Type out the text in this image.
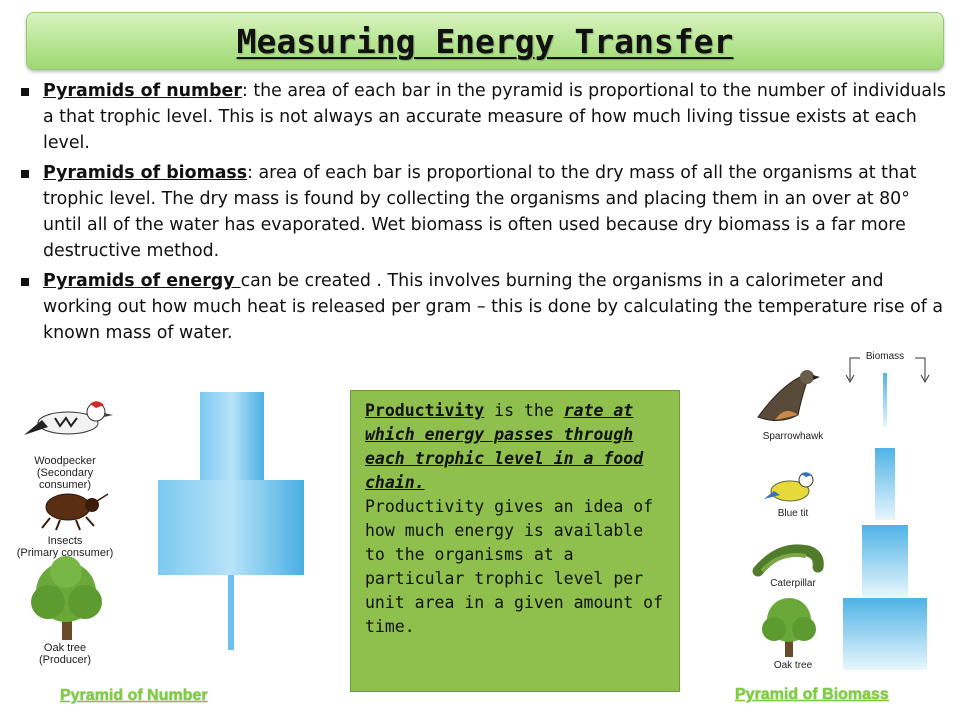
Measuring Energy Transfer
Pyramids of number: the area of each bar in the pyramid is proportional to the number of individuals a that trophic level. This is not always an accurate measure of how much living tissue exists at each level.
Pyramids of biomass: area of each bar is proportional to the dry mass of all the organisms at that trophic level. The dry mass is found by collecting the organisms and placing them in an over at 80° until all of the water has evaporated. Wet biomass is often used because dry biomass is a far more destructive method.
Pyramids of energy can be created . This involves burning the organisms in a calorimeter and working out how much heat is released per gram – this is done by calculating the temperature rise of a known mass of water.
Woodpecker
(Secondary consumer)
Insects
(Primary consumer)
Oak tree
(Producer)
Pyramid of Number

Productivity is the rate at which energy passes through each trophic level in a food chain.

Productivity gives an idea of how much energy is available to the organisms at a particular trophic level per unit area in a given amount of time.

Biomass
Sparrowhawk
Blue tit
Caterpillar
Oak tree
Pyramid of Biomass
